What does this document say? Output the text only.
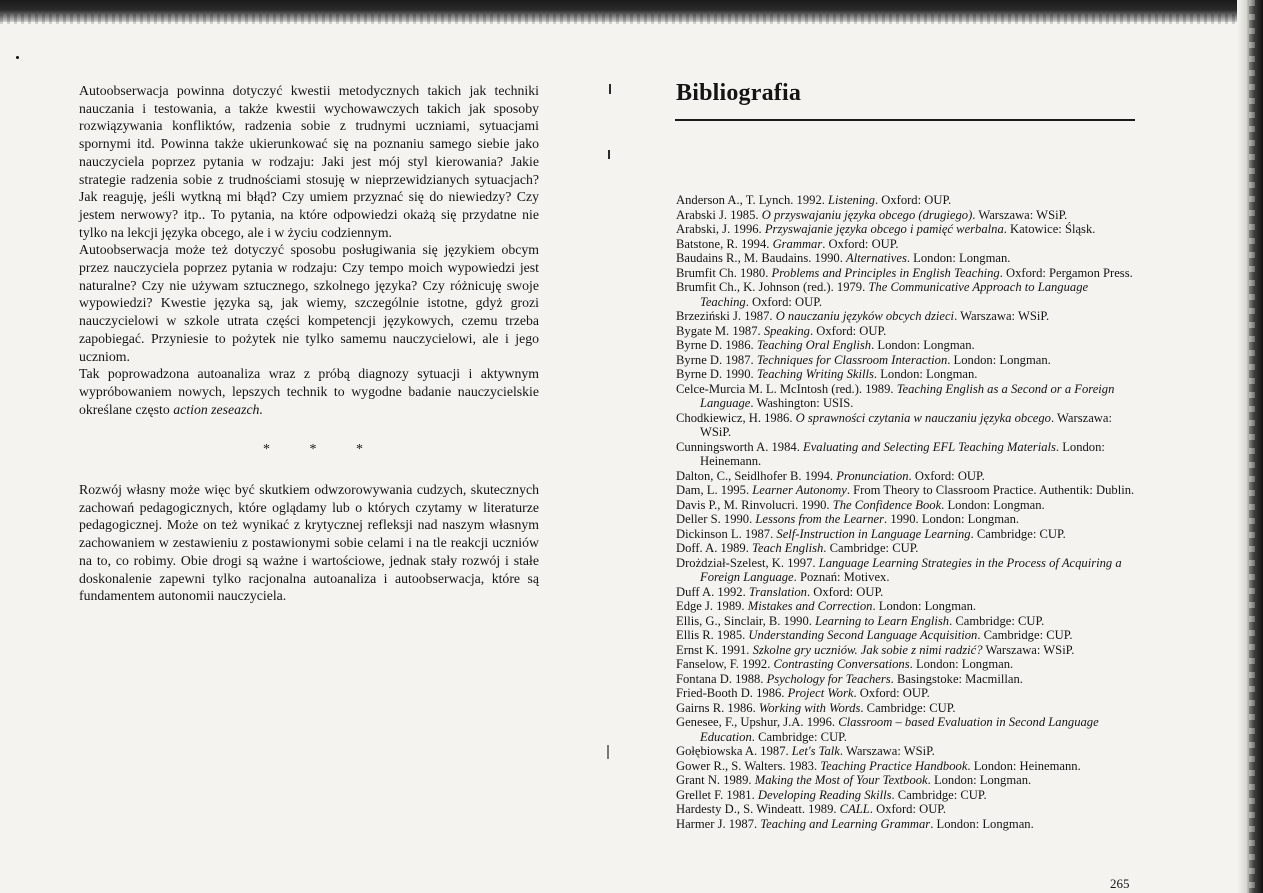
Autoobserwacja powinna dotyczyć kwestii metodycznych takich jak techniki nauczania i testowania, a także kwestii wychowawczych takich jak sposoby rozwiązywania konfliktów, radzenia sobie z trudnymi uczniami, sytuacjami spornymi itd. Powinna także ukierunkować się na poznaniu samego siebie jako nauczyciela poprzez pytania w rodzaju: Jaki jest mój styl kierowania? Jakie strategie radzenia sobie z trudnościami stosuję w nieprzewidzianych sytuacjach? Jak reaguję, jeśli wytkną mi błąd? Czy umiem przyznać się do niewiedzy? Czy jestem nerwowy? itp.. To pytania, na które odpowiedzi okażą się przydatne nie tylko na lekcji języka obcego, ale i w życiu codziennym.

Autoobserwacja może też dotyczyć sposobu posługiwania się językiem obcym przez nauczyciela poprzez pytania w rodzaju: Czy tempo moich wypowiedzi jest naturalne? Czy nie używam sztucznego, szkolnego języka? Czy różnicuję swoje wypowiedzi? Kwestie języka są, jak wiemy, szczególnie istotne, gdyż grozi nauczycielowi w szkole utrata części kompetencji językowych, czemu trzeba zapobiegać. Przyniesie to pożytek nie tylko samemu nauczycielowi, ale i jego uczniom.

Tak poprowadzona autoanaliza wraz z próbą diagnozy sytuacji i aktywnym wypróbowaniem nowych, lepszych technik to wygodne badanie nauczycielskie określane często action zeseazch.

* * *

Rozwój własny może więc być skutkiem odwzorowywania cudzych, skutecznych zachowań pedagogicznych, które oglądamy lub o których czytamy w literaturze pedagogicznej. Może on też wynikać z krytycznej refleksji nad naszym własnym zachowaniem w zestawieniu z postawionymi sobie celami i na tle reakcji uczniów na to, co robimy. Obie drogi są ważne i wartościowe, jednak stały rozwój i stałe doskonalenie zapewni tylko racjonalna autoanaliza i autoobserwacja, które są fundamentem autonomii nauczyciela.

Bibliografia
Anderson A., T. Lynch. 1992. Listening. Oxford: OUP.
Arabski J. 1985. O przyswajaniu języka obcego (drugiego). Warszawa: WSiP.
Arabski, J. 1996. Przyswajanie języka obcego i pamięć werbalna. Katowice: Śląsk.
Batstone, R. 1994. Grammar. Oxford: OUP.
Baudains R., M. Baudains. 1990. Alternatives. London: Longman.
Brumfit Ch. 1980. Problems and Principles in English Teaching. Oxford: Pergamon Press.
Brumfit Ch., K. Johnson (red.). 1979. The Communicative Approach to Language Teaching. Oxford: OUP.
Brzeziński J. 1987. O nauczaniu języków obcych dzieci. Warszawa: WSiP.
Bygate M. 1987. Speaking. Oxford: OUP.
Byrne D. 1986. Teaching Oral English. London: Longman.
Byrne D. 1987. Techniques for Classroom Interaction. London: Longman.
Byrne D. 1990. Teaching Writing Skills. London: Longman.
Celce-Murcia M. L. McIntosh (red.). 1989. Teaching English as a Second or a Foreign Language. Washington: USIS.
Chodkiewicz, H. 1986. O sprawności czytania w nauczaniu języka obcego. Warszawa: WSiP.
Cunningsworth A. 1984. Evaluating and Selecting EFL Teaching Materials. London: Heinemann.
Dalton, C., Seidlhofer B. 1994. Pronunciation. Oxford: OUP.
Dam, L. 1995. Learner Autonomy. From Theory to Classroom Practice. Authentik: Dublin.
Davis P., M. Rinvolucri. 1990. The Confidence Book. London: Longman.
Deller S. 1990. Lessons from the Learner. 1990. London: Longman.
Dickinson L. 1987. Self-Instruction in Language Learning. Cambridge: CUP.
Doff. A. 1989. Teach English. Cambridge: CUP.
Drożdział-Szelest, K. 1997. Language Learning Strategies in the Process of Acquiring a Foreign Language. Poznań: Motivex.
Duff A. 1992. Translation. Oxford: OUP.
Edge J. 1989. Mistakes and Correction. London: Longman.
Ellis, G., Sinclair, B. 1990. Learning to Learn English. Cambridge: CUP.
Ellis R. 1985. Understanding Second Language Acquisition. Cambridge: CUP.
Ernst K. 1991. Szkolne gry uczniów. Jak sobie z nimi radzić? Warszawa: WSiP.
Fanselow, F. 1992. Contrasting Conversations. London: Longman.
Fontana D. 1988. Psychology for Teachers. Basingstoke: Macmillan.
Fried-Booth D. 1986. Project Work. Oxford: OUP.
Gairns R. 1986. Working with Words. Cambridge: CUP.
Genesee, F., Upshur, J.A. 1996. Classroom – based Evaluation in Second Language Education. Cambridge: CUP.
Gołębiowska A. 1987. Let's Talk. Warszawa: WSiP.
Gower R., S. Walters. 1983. Teaching Practice Handbook. London: Heinemann.
Grant N. 1989. Making the Most of Your Textbook. London: Longman.
Grellet F. 1981. Developing Reading Skills. Cambridge: CUP.
Hardesty D., S. Windeatt. 1989. CALL. Oxford: OUP.
Harmer J. 1987. Teaching and Learning Grammar. London: Longman.
265
